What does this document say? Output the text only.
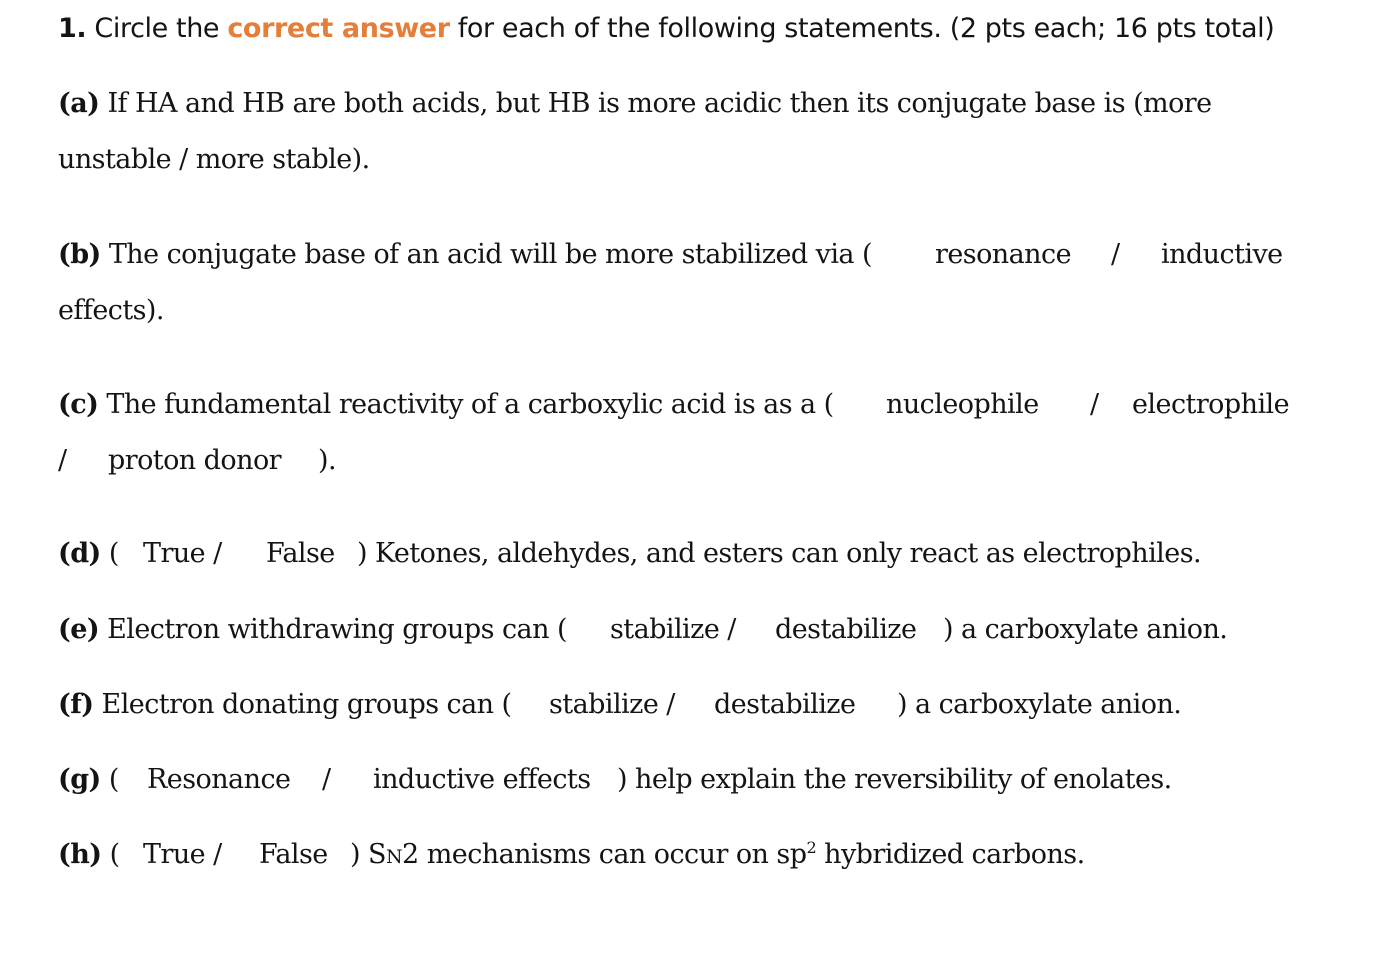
1. Circle the correct answer for each of the following statements. (2 pts each; 16 pts total)
(a) If HA and HB are both acids, but HB is more acidic then its conjugate base is (more
unstable / more stable).
(b) The conjugate base of an acid will be more stabilized via ( resonance / inductive
effects).
(c) The fundamental reactivity of a carboxylic acid is as a ( nucleophile / electrophile
/ proton donor ).
(d) ( True / False ) Ketones, aldehydes, and esters can only react as electrophiles.
(e) Electron withdrawing groups can ( stabilize / destabilize ) a carboxylate anion.
(f) Electron donating groups can ( stabilize / destabilize ) a carboxylate anion.
(g) ( Resonance / inductive effects ) help explain the reversibility of enolates.
(h) ( True / False ) SN2 mechanisms can occur on $sp^2$ hybridized carbons.
